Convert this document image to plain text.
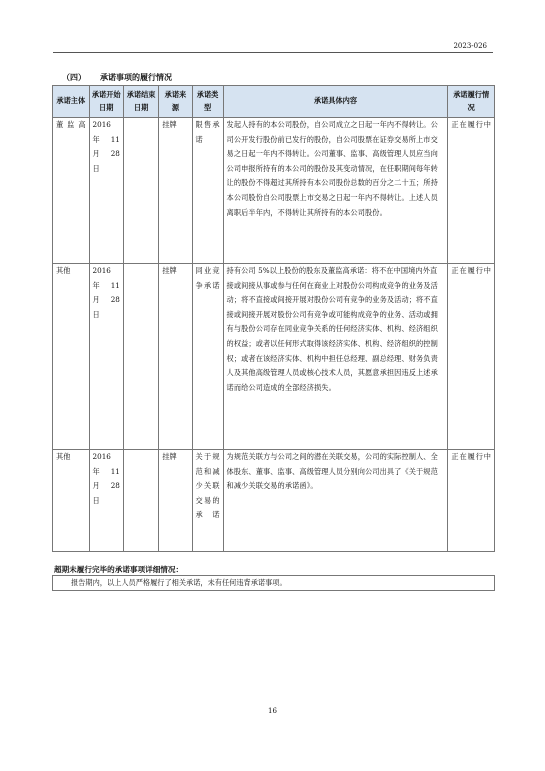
2023-026
（四） 承诺事项的履行情况
承诺主体	承诺开始日期	承诺结束日期	承诺来源	承诺类型	承诺具体内容	承诺履行情况
董监高	2016 年 11 月 28 日		挂牌	限售承诺	发起人持有的本公司股份，自公司成立之日起一年内不得转让。公司公开发行股份前已发行的股份，自公司股票在证券交易所上市交易之日起一年内不得转让。公司董事、监事、高级管理人员应当向公司申报所持有的本公司的股份及其变动情况，在任职期间每年转让的股份不得超过其所持有本公司股份总数的百分之二十五；所持本公司股份自公司股票上市交易之日起一年内不得转让。上述人员离职后半年内，不得转让其所持有的本公司股份。	正在履行中
其他	2016 年 11 月 28 日		挂牌	同业竞争承诺	持有公司 5%以上股份的股东及董监高承诺：将不在中国境内外直接或间接从事或参与任何在商业上对股份公司构成竞争的业务及活动；将不直接或间接开展对股份公司有竞争的业务及活动；将不直接或间接开展对股份公司有竞争或可能构成竞争的业务、活动或拥有与股份公司存在同业竞争关系的任何经济实体、机构、经济组织的权益；或者以任何形式取得该经济实体、机构、经济组织的控制权；或者在该经济实体、机构中担任总经理、副总经理、财务负责人及其他高级管理人员或核心技术人员，其愿意承担因违反上述承诺而给公司造成的全部经济损失。	正在履行中
其他	2016 年 11 月 28 日		挂牌	关于规范和减少关联交易的承诺	为规范关联方与公司之间的潜在关联交易，公司的实际控制人、全体股东、董事、监事、高级管理人员分别向公司出具了《关于规范和减少关联交易的承诺函》。	正在履行中
超期未履行完毕的承诺事项详细情况：
报告期内，以上人员严格履行了相关承诺，未有任何违背承诺事项。
16
